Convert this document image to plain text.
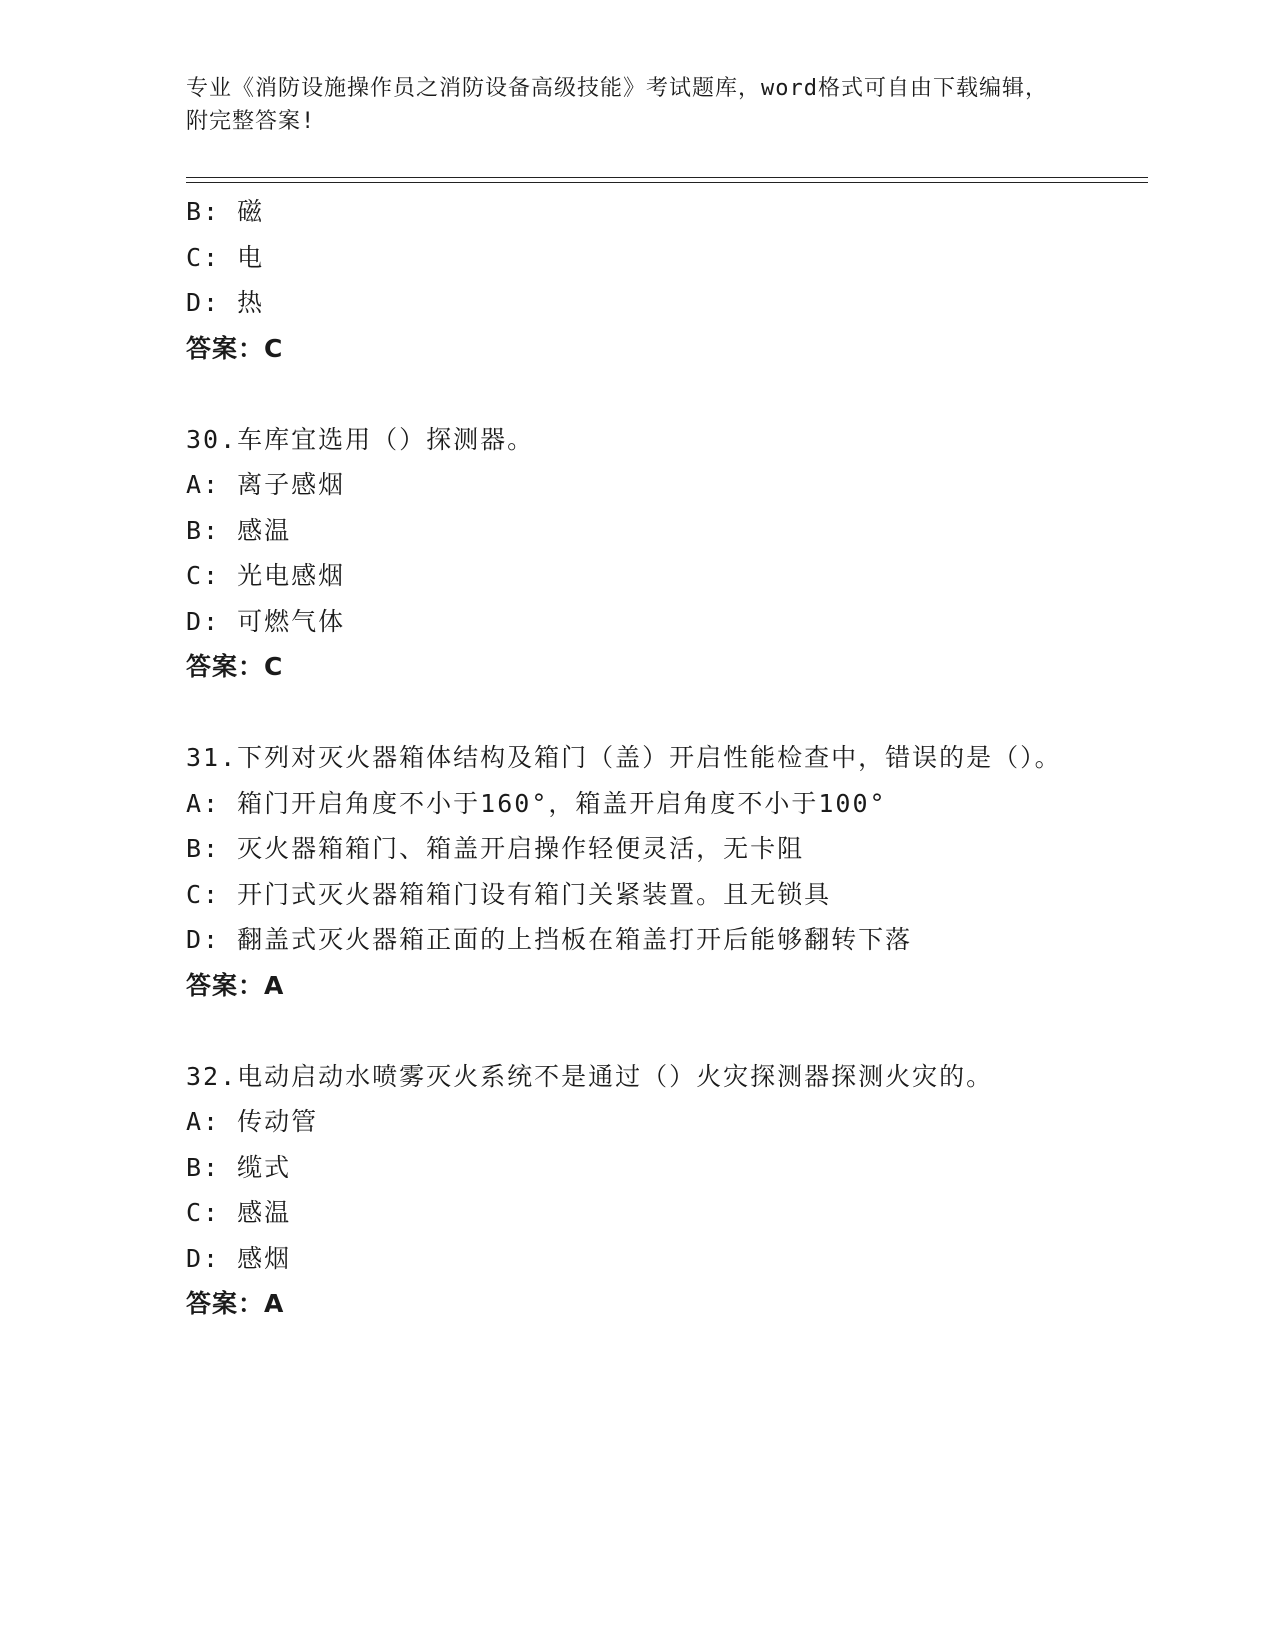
专业《消防设施操作员之消防设备高级技能》考试题库，word格式可自由下载编辑，附完整答案!
B: 磁
C: 电
D: 热
答案：C
30.车库宜选用（）探测器。
A: 离子感烟
B: 感温
C: 光电感烟
D: 可燃气体
答案：C
31.下列对灭火器箱体结构及箱门（盖）开启性能检查中，错误的是（）。
A: 箱门开启角度不小于160°，箱盖开启角度不小于100°
B: 灭火器箱箱门、箱盖开启操作轻便灵活，无卡阻
C: 开门式灭火器箱箱门设有箱门关紧装置。且无锁具
D: 翻盖式灭火器箱正面的上挡板在箱盖打开后能够翻转下落
答案：A
32.电动启动水喷雾灭火系统不是通过（）火灾探测器探测火灾的。
A: 传动管
B: 缆式
C: 感温
D: 感烟
答案：A
